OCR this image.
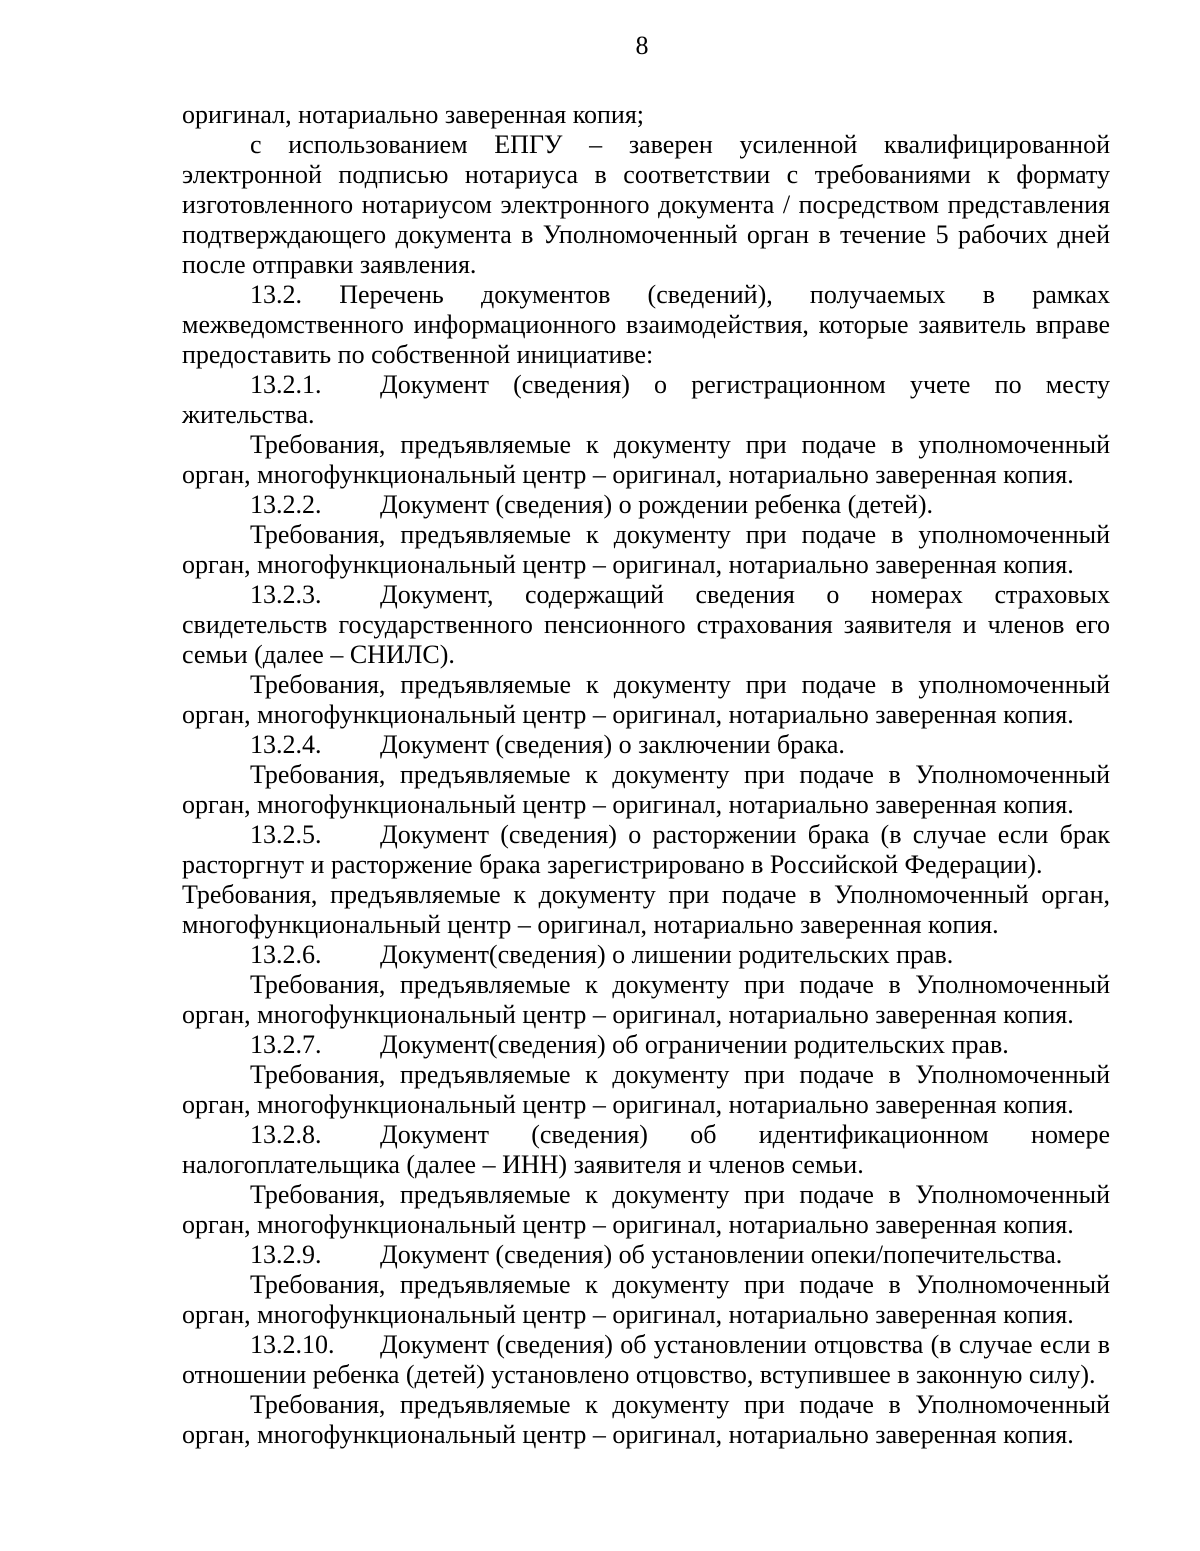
8

оригинал, нотариально заверенная копия;

с использованием ЕПГУ – заверен усиленной квалифицированной электронной подписью нотариуса в соответствии с требованиями к формату изготовленного нотариусом электронного документа / посредством представления подтверждающего документа в Уполномоченный орган в течение 5 рабочих дней после отправки заявления.

13.2. Перечень документов (сведений), получаемых в рамках межведомственного информационного взаимодействия, которые заявитель вправе предоставить по собственной инициативе:

13.2.1. Документ (сведения) о регистрационном учете по месту жительства.

Требования, предъявляемые к документу при подаче в уполномоченный орган, многофункциональный центр – оригинал, нотариально заверенная копия.

13.2.2. Документ (сведения) о рождении ребенка (детей).

Требования, предъявляемые к документу при подаче в уполномоченный орган, многофункциональный центр – оригинал, нотариально заверенная копия.

13.2.3. Документ, содержащий сведения о номерах страховых свидетельств государственного пенсионного страхования заявителя и членов его семьи (далее – СНИЛС).

Требования, предъявляемые к документу при подаче в уполномоченный орган, многофункциональный центр – оригинал, нотариально заверенная копия.

13.2.4. Документ (сведения) о заключении брака.

Требования, предъявляемые к документу при подаче в Уполномоченный орган, многофункциональный центр – оригинал, нотариально заверенная копия.

13.2.5. Документ (сведения) о расторжении брака (в случае если брак расторгнут и расторжение брака зарегистрировано в Российской Федерации).

Требования, предъявляемые к документу при подаче в Уполномоченный орган, многофункциональный центр – оригинал, нотариально заверенная копия.

13.2.6. Документ(сведения) о лишении родительских прав.

Требования, предъявляемые к документу при подаче в Уполномоченный орган, многофункциональный центр – оригинал, нотариально заверенная копия.

13.2.7. Документ(сведения) об ограничении родительских прав.

Требования, предъявляемые к документу при подаче в Уполномоченный орган, многофункциональный центр – оригинал, нотариально заверенная копия.

13.2.8. Документ (сведения) об идентификационном номере налогоплательщика (далее – ИНН) заявителя и членов семьи.

Требования, предъявляемые к документу при подаче в Уполномоченный орган, многофункциональный центр – оригинал, нотариально заверенная копия.

13.2.9. Документ (сведения) об установлении опеки/попечительства.

Требования, предъявляемые к документу при подаче в Уполномоченный орган, многофункциональный центр – оригинал, нотариально заверенная копия.

13.2.10. Документ (сведения) об установлении отцовства (в случае если в отношении ребенка (детей) установлено отцовство, вступившее в законную силу).

Требования, предъявляемые к документу при подаче в Уполномоченный орган, многофункциональный центр – оригинал, нотариально заверенная копия.
